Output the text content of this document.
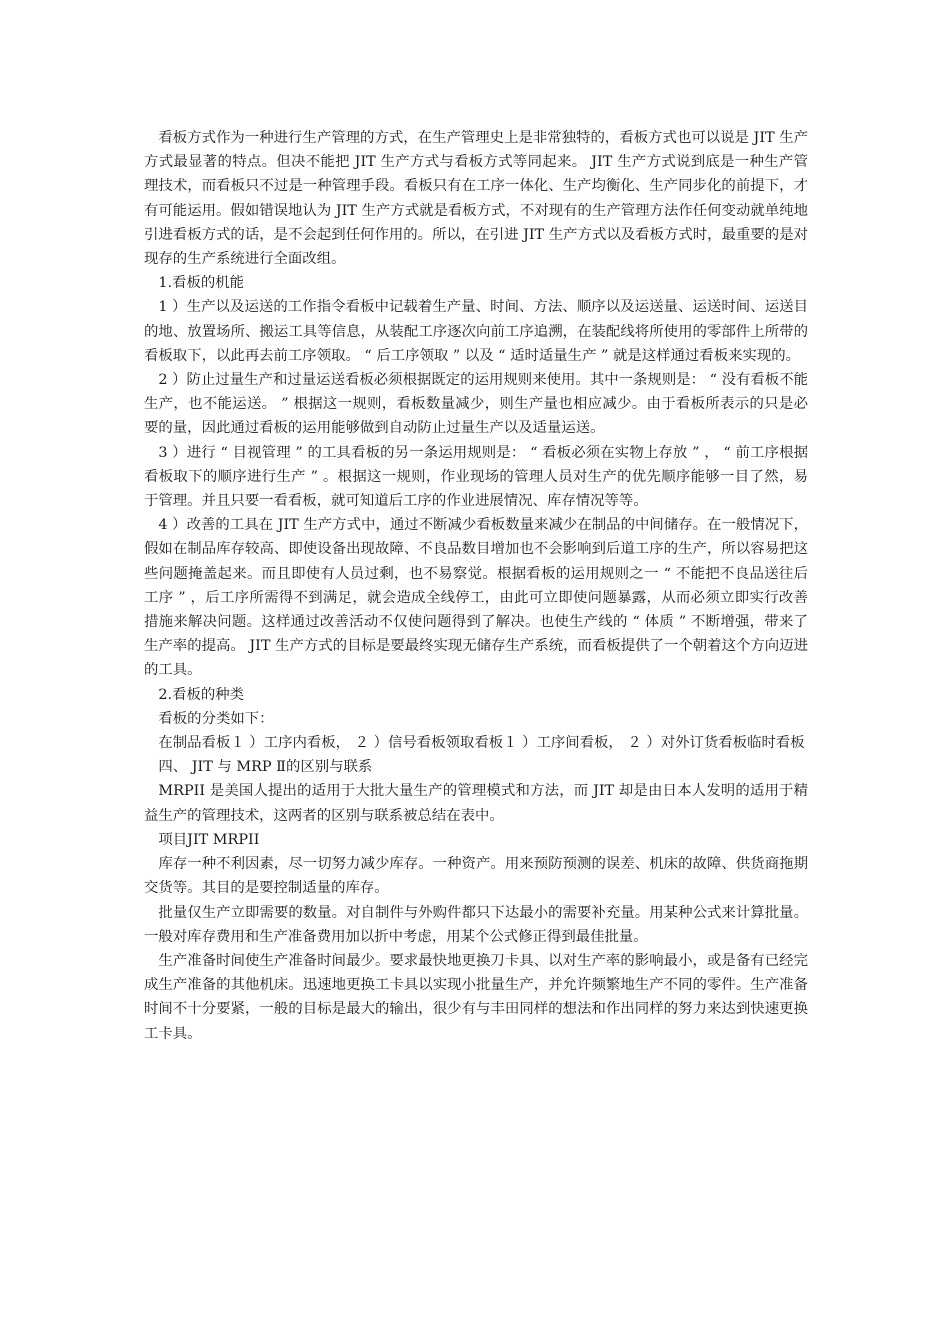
看板方式作为一种进行生产管理的方式，在生产管理史上是非常独特的，看板方式也可以说是 JIT 生产方式最显著的特点。但决不能把 JIT 生产方式与看板方式等同起来。 JIT 生产方式说到底是一种生产管理技术，而看板只不过是一种管理手段。看板只有在工序一体化、生产均衡化、生产同步化的前提下，才有可能运用。假如错误地认为 JIT 生产方式就是看板方式，不对现有的生产管理方法作任何变动就单纯地引进看板方式的话，是不会起到任何作用的。所以，在引进 JIT 生产方式以及看板方式时，最重要的是对现存的生产系统进行全面改组。

1.看板的机能

1 ）生产以及运送的工作指令看板中记载着生产量、时间、方法、顺序以及运送量、运送时间、运送目的地、放置场所、搬运工具等信息，从装配工序逐次向前工序追溯，在装配线将所使用的零部件上所带的看板取下，以此再去前工序领取。 “ 后工序领取 ” 以及 “ 适时适量生产 ” 就是这样通过看板来实现的。

2 ）防止过量生产和过量运送看板必须根据既定的运用规则来使用。其中一条规则是： “ 没有看板不能生产，也不能运送。 ” 根据这一规则，看板数量减少，则生产量也相应减少。由于看板所表示的只是必要的量，因此通过看板的运用能够做到自动防止过量生产以及适量运送。

3 ）进行 “ 目视管理 ” 的工具看板的另一条运用规则是： “ 看板必须在实物上存放 ” ， “ 前工序根据看板取下的顺序进行生产 ” 。根据这一规则，作业现场的管理人员对生产的优先顺序能够一目了然，易于管理。并且只要一看看板，就可知道后工序的作业进展情况、库存情况等等。

4 ）改善的工具在 JIT 生产方式中，通过不断减少看板数量来减少在制品的中间储存。在一般情况下，假如在制品库存较高、即使设备出现故障、不良品数目增加也不会影响到后道工序的生产，所以容易把这些问题掩盖起来。而且即使有人员过剩，也不易察觉。根据看板的运用规则之一 “ 不能把不良品送往后工序 ” ，后工序所需得不到满足，就会造成全线停工，由此可立即使问题暴露，从而必须立即实行改善措施来解决问题。这样通过改善活动不仅使问题得到了解决。也使生产线的 “ 体质 ” 不断增强，带来了生产率的提高。 JIT 生产方式的目标是要最终实现无储存生产系统，而看板提供了一个朝着这个方向迈进的工具。

2.看板的种类

看板的分类如下：

在制品看板１ ）工序内看板， ２ ）信号看板领取看板１ ）工序间看板， ２ ）对外订货看板临时看板

四、 JIT 与 MRP Ⅱ的区别与联系

MRPII 是美国人提出的适用于大批大量生产的管理模式和方法，而 JIT 却是由日本人发明的适用于精益生产的管理技术，这两者的区别与联系被总结在表中。

项目JIT MRPII

库存一种不利因素，尽一切努力减少库存。一种资产。用来预防预测的误差、机床的故障、供货商拖期交货等。其目的是要控制适量的库存。

批量仅生产立即需要的数量。对自制件与外购件都只下达最小的需要补充量。用某种公式来计算批量。一般对库存费用和生产准备费用加以折中考虑，用某个公式修正得到最佳批量。

生产准备时间使生产准备时间最少。要求最快地更换刀卡具、以对生产率的影响最小，或是备有已经完成生产准备的其他机床。迅速地更换工卡具以实现小批量生产，并允许频繁地生产不同的零件。生产准备时间不十分要紧，一般的目标是最大的输出，很少有与丰田同样的想法和作出同样的努力来达到快速更换工卡具。
